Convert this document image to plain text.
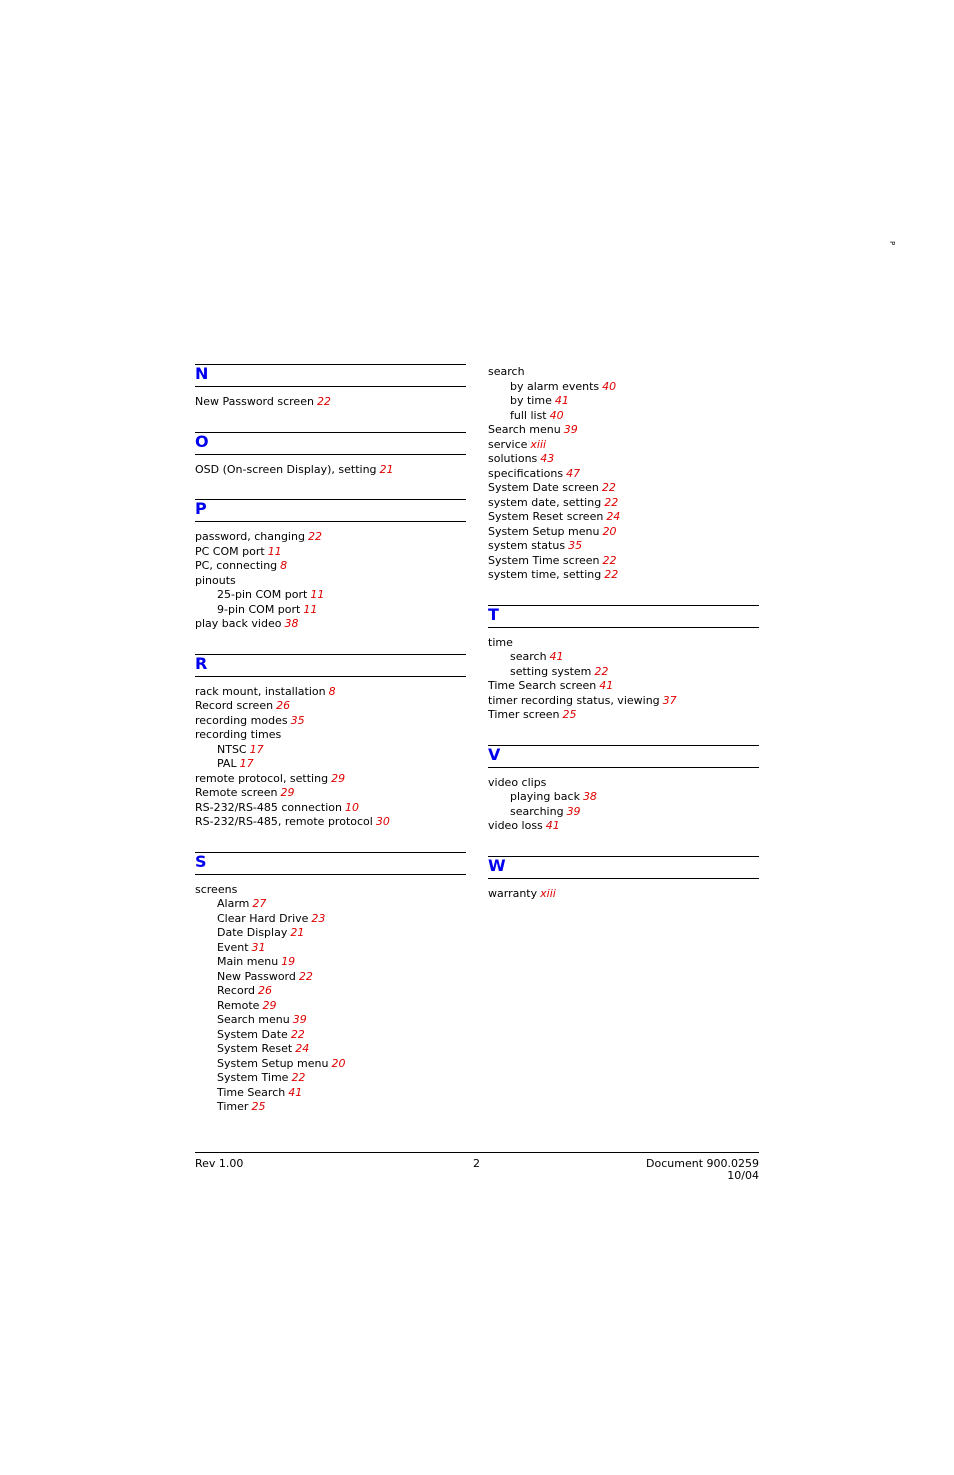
P
N
New Password screen 22
O
OSD (On-screen Display), setting 21
P
password, changing 22
PC COM port 11
PC, connecting 8
pinouts
25-pin COM port 11
9-pin COM port 11
play back video 38
R
rack mount, installation 8
Record screen 26
recording modes 35
recording times
NTSC 17
PAL 17
remote protocol, setting 29
Remote screen 29
RS-232/RS-485 connection 10
RS-232/RS-485, remote protocol 30
S
screens
Alarm 27
Clear Hard Drive 23
Date Display 21
Event 31
Main menu 19
New Password 22
Record 26
Remote 29
Search menu 39
System Date 22
System Reset 24
System Setup menu 20
System Time 22
Time Search 41
Timer 25
search
by alarm events 40
by time 41
full list 40
Search menu 39
service xiii
solutions 43
specifications 47
System Date screen 22
system date, setting 22
System Reset screen 24
System Setup menu 20
system status 35
System Time screen 22
system time, setting 22
T
time
search 41
setting system 22
Time Search screen 41
timer recording status, viewing 37
Timer screen 25
V
video clips
playing back 38
searching 39
video loss 41
W
warranty xiii
Rev 1.00	2	Document 900.0259
10/04
